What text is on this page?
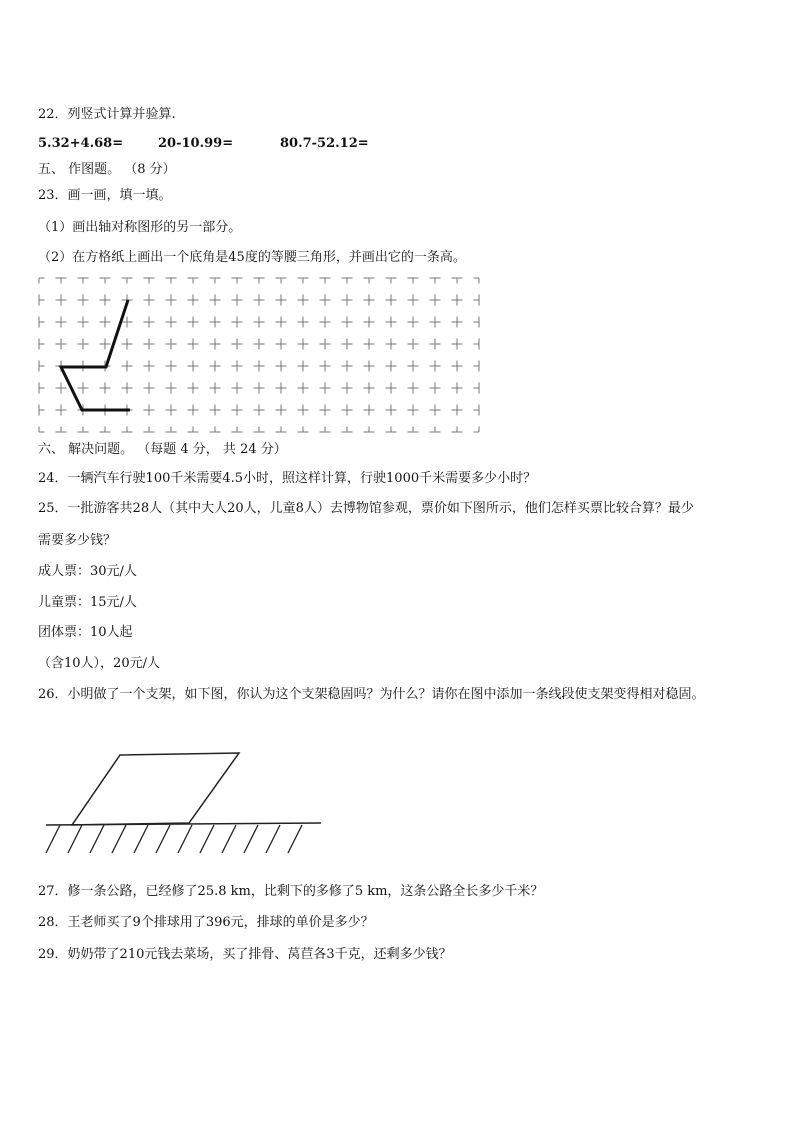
22．列竖式计算并验算.
5.32+4.68=	20-10.99=	80.7-52.12=
五、 作图题。 （8 分）
23．画一画，填一填。
（1）画出轴对称图形的另一部分。
（2）在方格纸上画出一个底角是45度的等腰三角形，并画出它的一条高。
六、 解决问题。 （每题 4 分， 共 24 分）
24．一辆汽车行驶100千米需要4.5小时，照这样计算，行驶1000千米需要多少小时？
25．一批游客共28人（其中大人20人，儿童8人）去博物馆参观，票价如下图所示，他们怎样买票比较合算？最少
需要多少钱？
成人票：30元/人
儿童票：15元/人
团体票：10人起
（含10人），20元/人
26．小明做了一个支架，如下图，你认为这个支架稳固吗？为什么？请你在图中添加一条线段使支架变得相对稳固。
27．修一条公路，已经修了25.8 km，比剩下的多修了5 km，这条公路全长多少千米？
28．王老师买了9个排球用了396元，排球的单价是多少？
29．奶奶带了210元钱去菜场，买了排骨、莴苣各3千克，还剩多少钱？
